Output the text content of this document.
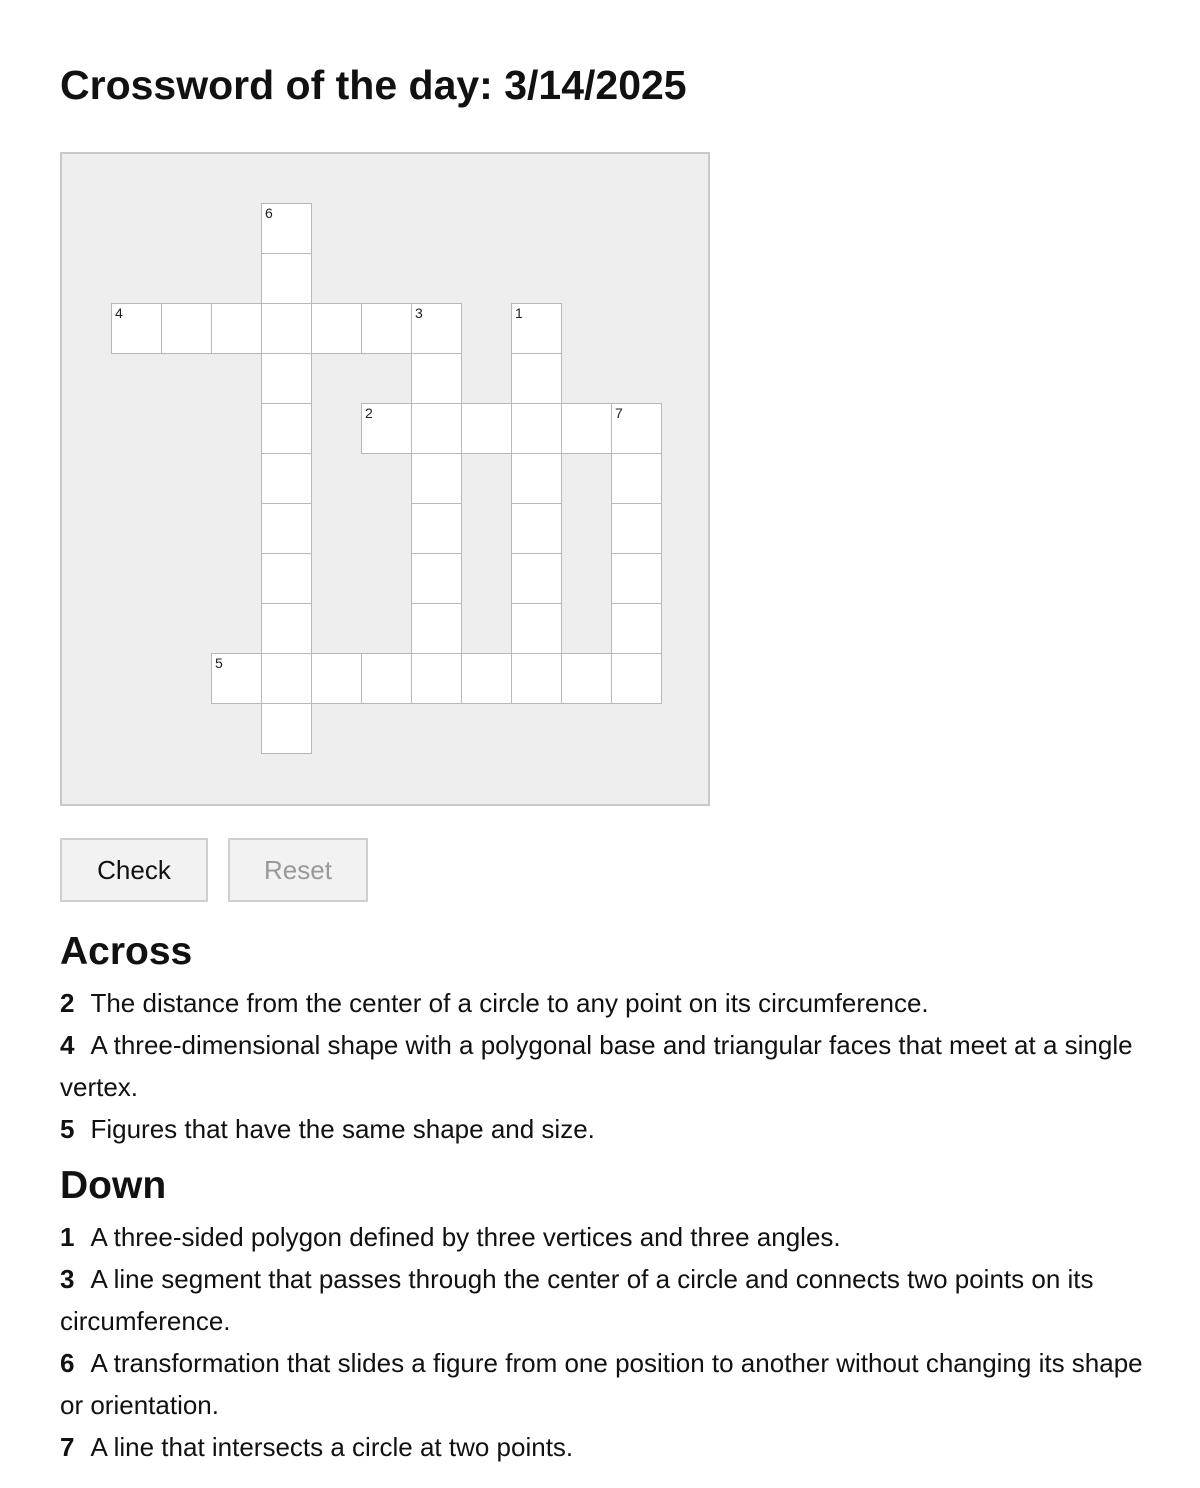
Crossword of the day: 3/14/2025
6
4	3	1
2	7
5
Check	Reset
Across
2 The distance from the center of a circle to any point on its circumference.
4 A three-dimensional shape with a polygonal base and triangular faces that meet at a single vertex.
5 Figures that have the same shape and size.
Down
1 A three-sided polygon defined by three vertices and three angles.
3 A line segment that passes through the center of a circle and connects two points on its circumference.
6 A transformation that slides a figure from one position to another without changing its shape or orientation.
7 A line that intersects a circle at two points.
